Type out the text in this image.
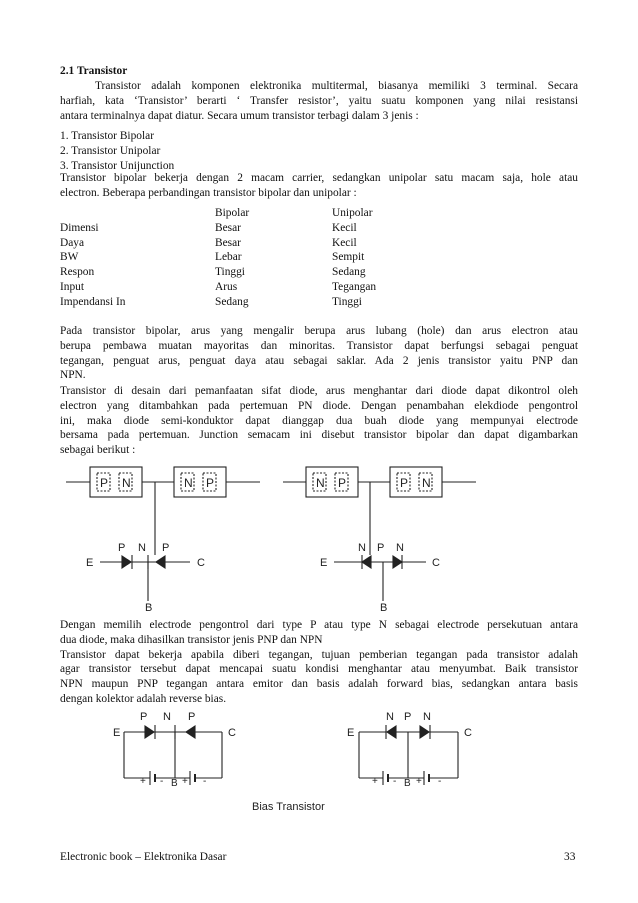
2.1 Transistor
Transistor adalah komponen elektronika multitermal, biasanya memiliki 3 terminal. Secara
harfiah, kata ‘Transistor’ berarti ‘ Transfer resistor’, yaitu suatu komponen yang nilai resistansi
antara terminalnya dapat diatur. Secara umum transistor terbagi dalam 3 jenis :
1. Transistor Bipolar
2. Transistor Unipolar
3. Transistor Unijunction
Transistor bipolar bekerja dengan 2 macam carrier, sedangkan unipolar satu macam saja, hole atau
electron. Beberapa perbandingan transistor bipolar dan unipolar :
	Bipolar	Unipolar
Dimensi	Besar	Kecil
Daya	Besar	Kecil
BW	Lebar	Sempit
Respon	Tinggi	Sedang
Input	Arus	Tegangan
Impendansi In	Sedang	Tinggi
Pada transistor bipolar, arus yang mengalir berupa arus lubang (hole) dan arus electron atau
berupa pembawa muatan mayoritas dan minoritas. Transistor dapat berfungsi sebagai penguat
tegangan, penguat arus, penguat daya atau sebagai saklar. Ada 2 jenis transistor yaitu PNP dan
NPN.
Transistor di desain dari pemanfaatan sifat diode, arus menghantar dari diode dapat dikontrol oleh
electron yang ditambahkan pada pertemuan PN diode. Dengan penambahan elekdiode pengontrol
ini, maka diode semi-konduktor dapat dianggap dua buah diode yang mempunyai electrode
bersama pada pertemuan. Junction semacam ini disebut transistor bipolar dan dapat digambarkan
sebagai berikut :
P N	N P	N P	P N
E
P N P
C
B
E
N P N
C
B
Dengan memilih electrode pengontrol dari type P atau type N sebagai electrode persekutuan antara
dua diode, maka dihasilkan transistor jenis PNP dan NPN
Transistor dapat bekerja apabila diberi tegangan, tujuan pemberian tegangan pada transistor adalah
agar transistor tersebut dapat mencapai suatu kondisi menghantar atau menyumbat. Baik transistor
NPN maupun PNP tegangan antara emitor dan basis adalah forward bias, sedangkan antara basis
dengan kolektor adalah reverse bias.
P N P
E	C
+ - B + -
N P N
E	C
+ - B + -
Bias Transistor
Electronic book – Elektronika Dasar	33
